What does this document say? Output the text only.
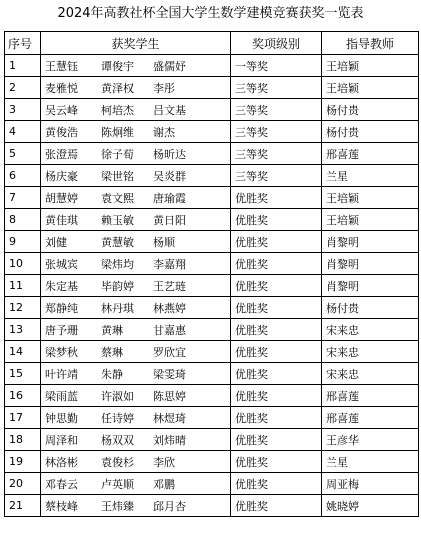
2024年高教社杯全国大学生数学建模竞赛获奖一览表
序号	获奖学生	奖项级别	指导教师
1	王慧钰 谭俊宇 盛儒妤	一等奖	王培颖
2	麦雅悦 黄泽权 李彤	三等奖	王培颖
3	吴云峰 柯培杰 吕文基	三等奖	杨付贵
4	黄俊浩 陈炯维 谢杰	三等奖	杨付贵
5	张澄焉 徐子荀 杨昕达	三等奖	邢喜莲
6	杨庆豪 梁世铭 吴炎群	三等奖	兰星
7	胡慧婷 袁文熙 唐瑜霞	优胜奖	王培颖
8	黄佳琪 赖玉敏 黄日阳	优胜奖	王培颖
9	刘健 黄慧敏 杨顺	优胜奖	肖黎明
10	张城宾 梁炜均 李嘉翔	优胜奖	肖黎明
11	朱定基 毕韵婷 王艺琏	优胜奖	肖黎明
12	郑静纯 林丹琪 林燕婷	优胜奖	杨付贵
13	唐予珊 黄琳 甘嘉惠	优胜奖	宋来忠
14	梁梦秋 蔡琳 罗欣宜	优胜奖	宋来忠
15	叶许靖 朱静 梁雯琦	优胜奖	宋来忠
16	梁雨蓝 许淑如 陈思婷	优胜奖	邢喜莲
17	钟思勤 任诗婷 林煜琦	优胜奖	邢喜莲
18	周泽和 杨双双 刘炜晴	优胜奖	王彦华
19	林洛彬 袁俊杉 李欣	优胜奖	兰星
20	邓春云 卢英顺 邓鹏	优胜奖	周亚梅
21	蔡枝峰 王炜臻 邱月杏	优胜奖	姚晓婷
